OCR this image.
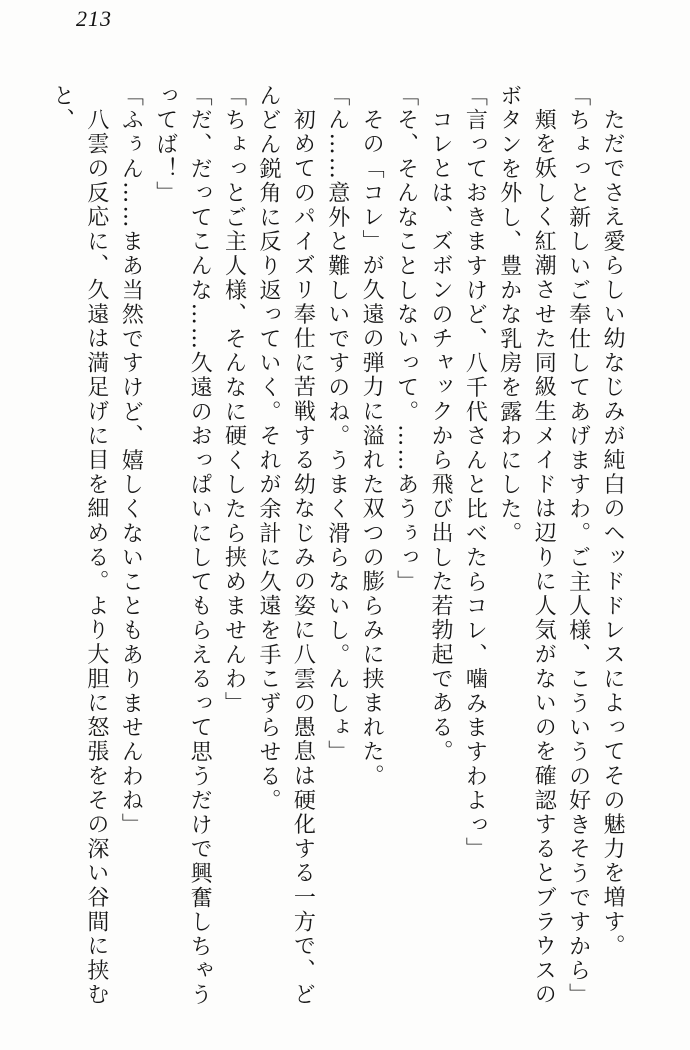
213

ただでさえ愛らしい幼なじみが純白のヘッドドレスによってその魅力を増す。

「ちょっと新しいご奉仕してあげますわ。ご主人様、こういうの好きそうですから」

頬を妖しく紅潮させた同級生メイドは辺りに人気がないのを確認するとブラウスのボタンを外し、豊かな乳房を露わにした。

「言っておきますけど、八千代さんと比べたらコレ、噛みますわよっ」

コレとは、ズボンのチャックから飛び出した若勃起である。

「そ、そんなことしないって。……あうぅっ」

その「コレ」が久遠の弾力に溢れた双つの膨らみに挟まれた。

「ん……意外と難しいですのね。うまく滑らないし。んしょ」

初めてのパイズリ奉仕に苦戦する幼なじみの姿に八雲の愚息は硬化する一方で、どんどん鋭角に反り返っていく。それが余計に久遠を手こずらせる。

「ちょっとご主人様、そんなに硬くしたら挟めませんわ」

「だ、だってこんな……久遠のおっぱいにしてもらえるって思うだけで興奮しちゃうってば！」

「ふぅん……まあ当然ですけど、嬉しくないこともありませんわね」

八雲の反応に、久遠は満足げに目を細める。より大胆に怒張をその深い谷間に挟むと、
